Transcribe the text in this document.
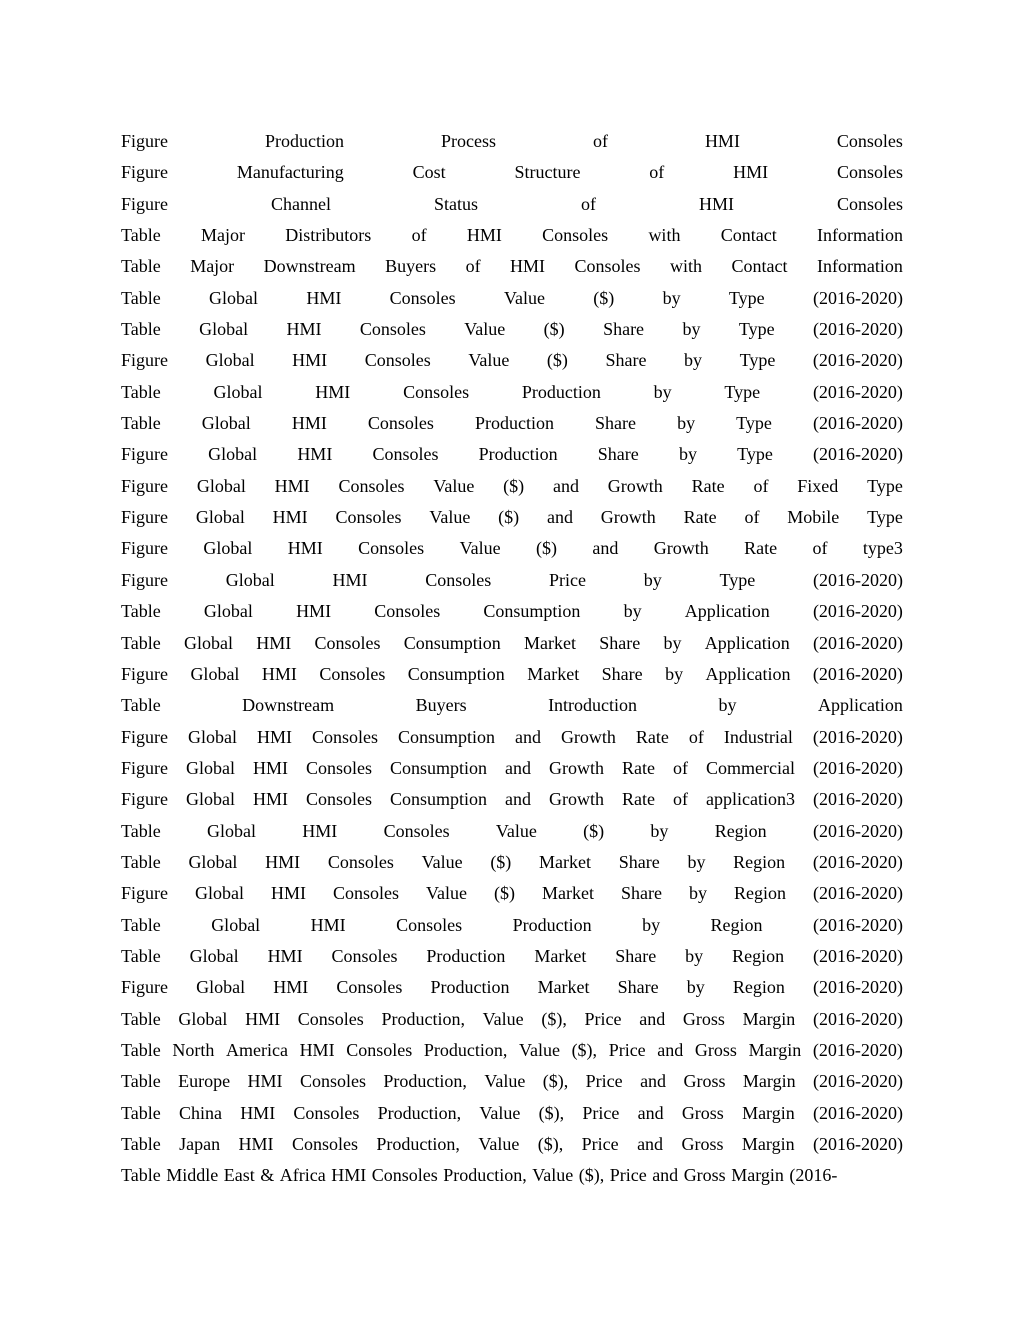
Figure	Production	Process	of	HMI	Consoles
Figure	Manufacturing	Cost	Structure	of	HMI	Consoles
Figure	Channel	Status	of	HMI	Consoles
Table Major Distributors of HMI Consoles with Contact Information
Table Major Downstream Buyers of HMI Consoles with Contact Information
Table	Global	HMI	Consoles	Value	($)	by	Type	(2016-2020)
Table Global HMI Consoles Value ($) Share by Type (2016-2020)
Figure Global HMI Consoles Value ($) Share by Type (2016-2020)
Table	Global	HMI	Consoles	Production	by	Type	(2016-2020)
Table Global HMI Consoles Production Share by Type (2016-2020)
Figure Global HMI Consoles Production Share by Type (2016-2020)
Figure Global HMI Consoles Value ($) and Growth Rate of Fixed Type
Figure Global HMI Consoles Value ($) and Growth Rate of Mobile Type
Figure Global HMI Consoles Value ($) and Growth Rate of type3
Figure	Global	HMI	Consoles	Price	by	Type	(2016-2020)
Table Global HMI Consoles Consumption by Application (2016-2020)
Table Global HMI Consoles Consumption Market Share by Application (2016-2020)
Figure Global HMI Consoles Consumption Market Share by Application (2016-2020)
Table	Downstream	Buyers	Introduction	by	Application
Figure Global HMI Consoles Consumption and Growth Rate of Industrial (2016-2020)
Figure Global HMI Consoles Consumption and Growth Rate of Commercial (2016-2020)
Figure Global HMI Consoles Consumption and Growth Rate of application3 (2016-2020)
Table	Global	HMI	Consoles	Value	($)	by	Region	(2016-2020)
Table Global HMI Consoles Value ($) Market Share by Region (2016-2020)
Figure Global HMI Consoles Value ($) Market Share by Region (2016-2020)
Table	Global	HMI	Consoles	Production	by	Region	(2016-2020)
Table Global HMI Consoles Production Market Share by Region (2016-2020)
Figure Global HMI Consoles Production Market Share by Region (2016-2020)
Table Global HMI Consoles Production, Value ($), Price and Gross Margin (2016-2020)
Table North America HMI Consoles Production, Value ($), Price and Gross Margin (2016-2020)
Table Europe HMI Consoles Production, Value ($), Price and Gross Margin (2016-2020)
Table China HMI Consoles Production, Value ($), Price and Gross Margin (2016-2020)
Table Japan HMI Consoles Production, Value ($), Price and Gross Margin (2016-2020)
Table Middle East & Africa HMI Consoles Production, Value ($), Price and Gross Margin (2016-
